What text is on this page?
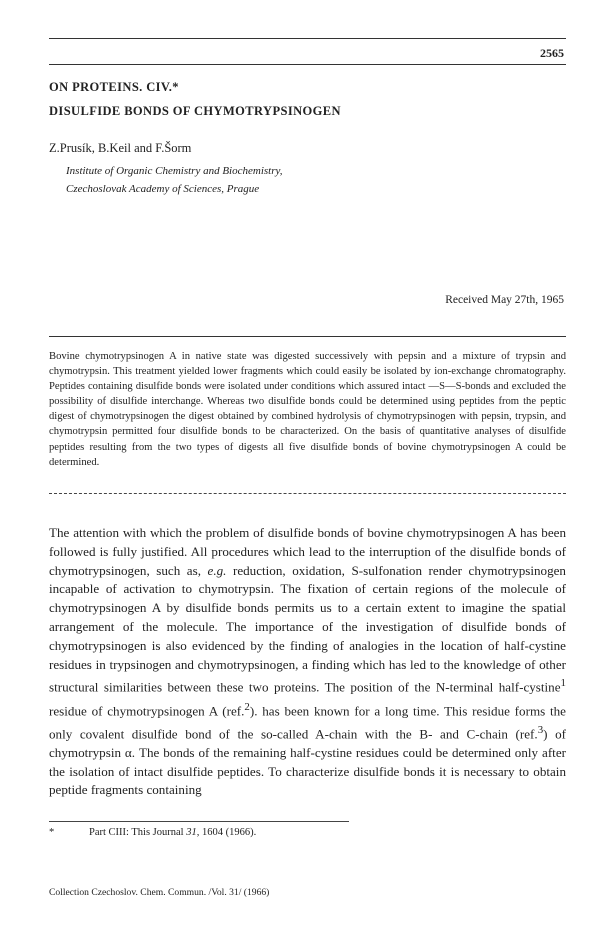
2565
ON PROTEINS. CIV.*
DISULFIDE BONDS OF CHYMOTRYPSINOGEN
Z.Prusík, B.Keil and F.Šorm
Institute of Organic Chemistry and Biochemistry,
Czechoslovak Academy of Sciences, Prague
Received May 27th, 1965

Bovine chymotrypsinogen A in native state was digested successively with pepsin and a mixture of trypsin and chymotrypsin. This treatment yielded lower fragments which could easily be isolated by ion-exchange chromatography. Peptides containing disulfide bonds were isolated under conditions which assured intact —S—S-bonds and excluded the possibility of disulfide interchange. Whereas two disulfide bonds could be determined using peptides from the peptic digest of chymotrypsinogen the digest obtained by combined hydrolysis of chymotrypsinogen with pepsin, trypsin, and chymotrypsin permitted four disulfide bonds to be characterized. On the basis of quantitative analyses of disulfide peptides resulting from the two types of digests all five disulfide bonds of bovine chymotrypsinogen A could be determined.

The attention with which the problem of disulfide bonds of bovine chymotrypsinogen A has been followed is fully justified. All procedures which lead to the interruption of the disulfide bonds of chymotrypsinogen, such as, e.g. reduction, oxidation, S-sulfonation render chymotrypsinogen incapable of activation to chymotrypsin. The fixation of certain regions of the molecule of chymotrypsinogen A by disulfide bonds permits us to a certain extent to imagine the spatial arrangement of the molecule. The importance of the investigation of disulfide bonds of chymotrypsinogen is also evidenced by the finding of analogies in the location of half-cystine residues in trypsinogen and chymotrypsinogen, a finding which has led to the knowledge of other structural similarities between these two proteins. The position of the N-terminal half-cystine$^1$ residue of chymotrypsinogen A (ref.$^2$). has been known for a long time. This residue forms the only covalent disulfide bond of the so-called A-chain with the B- and C-chain (ref.$^3$) of chymotrypsin α. The bonds of the remaining half-cystine residues could be determined only after the isolation of intact disulfide peptides. To characterize disulfide bonds it is necessary to obtain peptide fragments containing

*	Part CIII: This Journal 31, 1604 (1966).
Collection Czechoslov. Chem. Commun. /Vol. 31/ (1966)
